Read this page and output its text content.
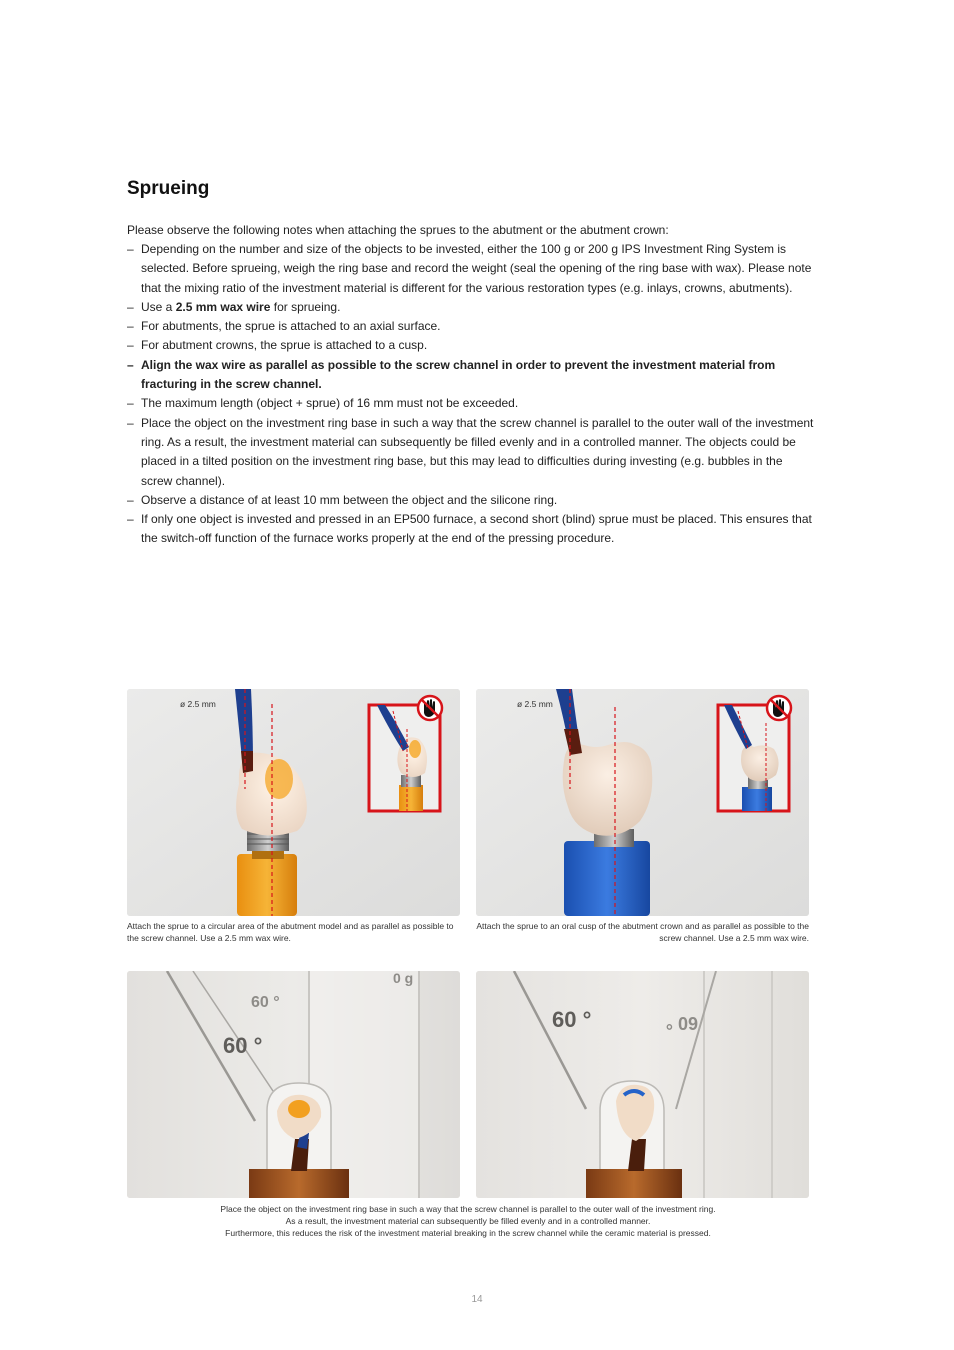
Sprueing

Please observe the following notes when attaching the sprues to the abutment or the abutment crown:

– Depending on the number and size of the objects to be invested, either the 100 g or 200 g IPS Investment Ring System is selected. Before sprueing, weigh the ring base and record the weight (seal the opening of the ring base with wax). Please note that the mixing ratio of the investment material is different for the various restoration types (e.g. inlays, crowns, abutments).
– Use a 2.5 mm wax wire for sprueing.
– For abutments, the sprue is attached to an axial surface.
– For abutment crowns, the sprue is attached to a cusp.
– Align the wax wire as parallel as possible to the screw channel in order to prevent the investment material from fracturing in the screw channel.
– The maximum length (object + sprue) of 16 mm must not be exceeded.
– Place the object on the investment ring base in such a way that the screw channel is parallel to the outer wall of the investment ring. As a result, the investment material can subsequently be filled evenly and in a controlled manner. The objects could be placed in a tilted position on the investment ring base, but this may lead to difficulties during investing (e.g. bubbles in the screw channel).
– Observe a distance of at least 10 mm between the object and the silicone ring.
– If only one object is invested and pressed in an EP500 furnace, a second short (blind) sprue must be placed. This ensures that the switch-off function of the furnace works properly at the end of the pressing procedure.
ø 2.5 mm	ø 2.5 mm
60 °
60 °
0 g
60 °	60 °

Attach the sprue to a circular area of the abutment model and as parallel as possible to the screw channel. Use a 2.5 mm wax wire.

Attach the sprue to an oral cusp of the abutment crown and as parallel as possible to the screw channel. Use a 2.5 mm wax wire.

Place the object on the investment ring base in such a way that the screw channel is parallel to the outer wall of the investment ring.
As a result, the investment material can subsequently be filled evenly and in a controlled manner.
Furthermore, this reduces the risk of the investment material breaking in the screw channel while the ceramic material is pressed.

14
